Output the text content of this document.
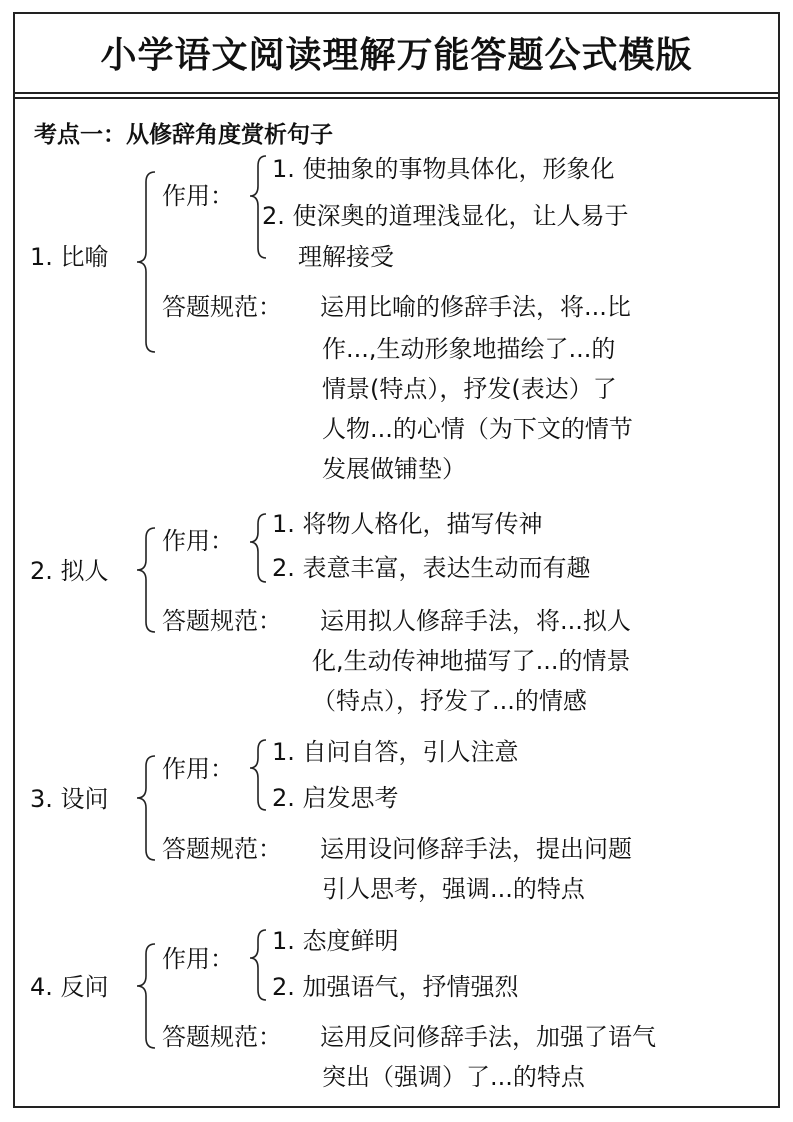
小学语文阅读理解万能答题公式模版
考点一：从修辞角度赏析句子
1. 比喻
作用：
1. 使抽象的事物具体化，形象化
2. 使深奥的道理浅显化，让人易于
理解接受
答题规范： 运用比喻的修辞手法，将...比
作...,生动形象地描绘了...的
情景(特点），抒发(表达）了
人物...的心情（为下文的情节
发展做铺垫）
2. 拟人
作用：
1. 将物人格化，描写传神
2. 表意丰富，表达生动而有趣
答题规范： 运用拟人修辞手法，将...拟人
化,生动传神地描写了...的情景
（特点），抒发了...的情感
3. 设问
作用：
1. 自问自答，引人注意
2. 启发思考
答题规范： 运用设问修辞手法，提出问题
引人思考，强调...的特点
4. 反问
作用：
1. 态度鲜明
2. 加强语气，抒情强烈
答题规范： 运用反问修辞手法，加强了语气
突出（强调）了...的特点
